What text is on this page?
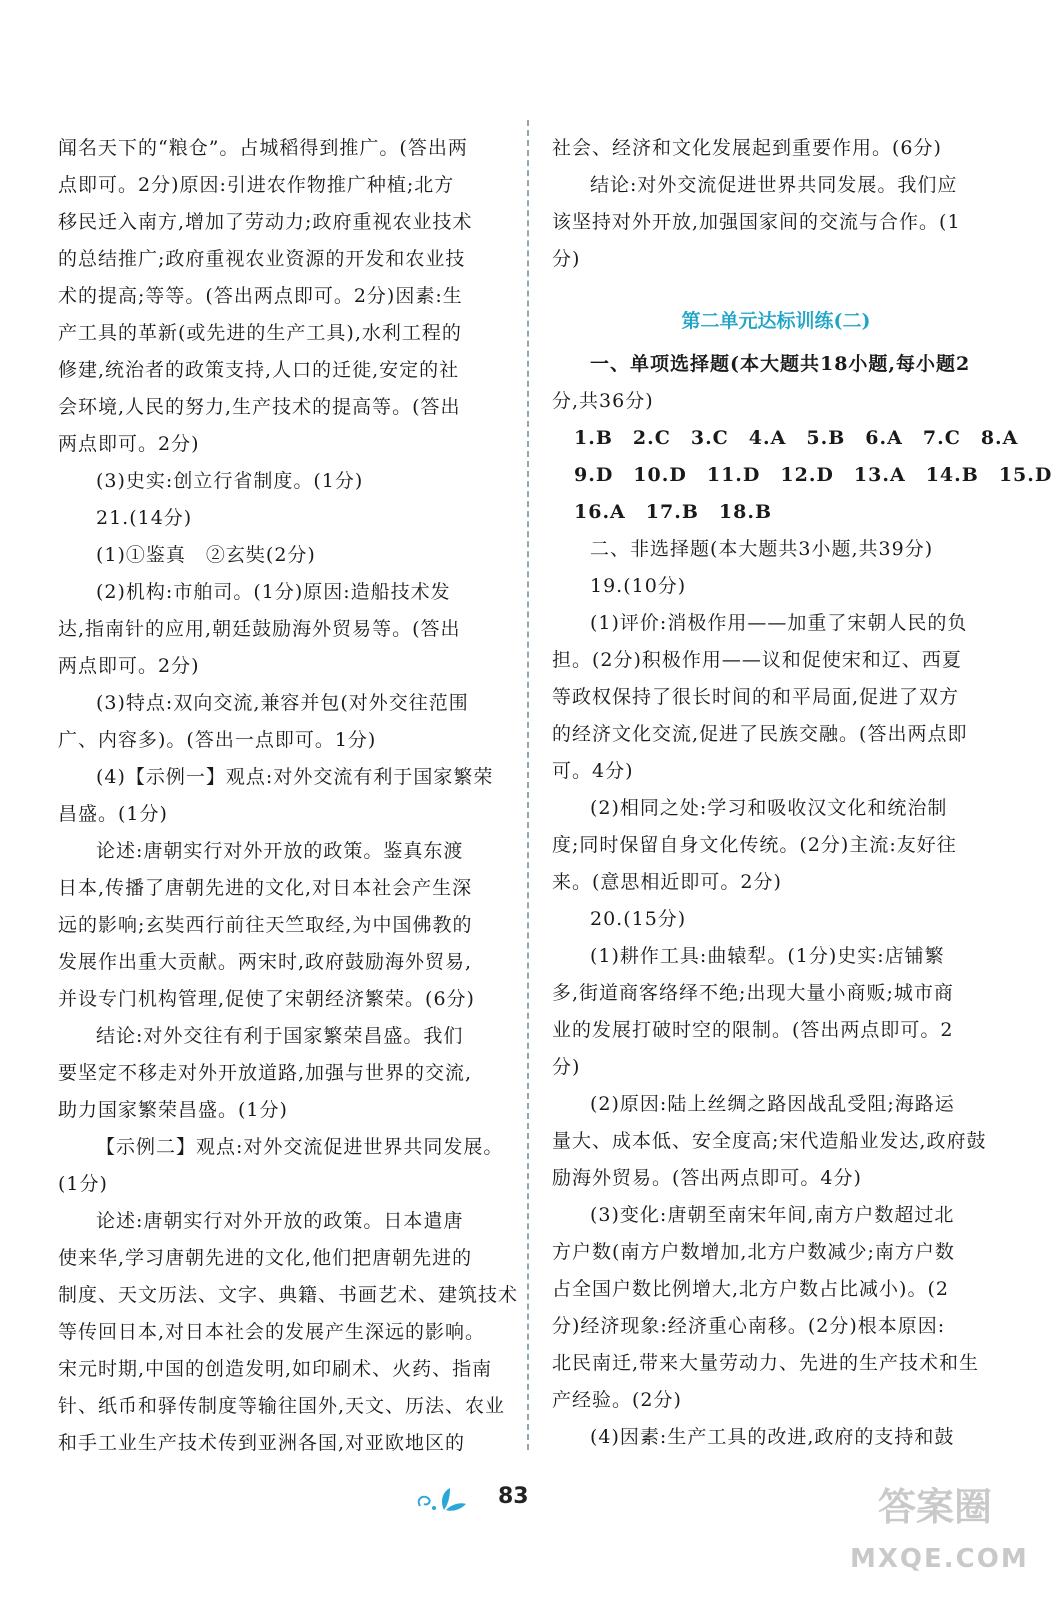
闻名天下的“粮仓”。占城稻得到推广。(答出两
点即可。2分)原因:引进农作物推广种植;北方
移民迁入南方,增加了劳动力;政府重视农业技术
的总结推广;政府重视农业资源的开发和农业技
术的提高;等等。(答出两点即可。2分)因素:生
产工具的革新(或先进的生产工具),水利工程的
修建,统治者的政策支持,人口的迁徙,安定的社
会环境,人民的努力,生产技术的提高等。(答出
两点即可。2分)
(3)史实:创立行省制度。(1分)
21.(14分)
(1)①鉴真　②玄奘(2分)
(2)机构:市舶司。(1分)原因:造船技术发
达,指南针的应用,朝廷鼓励海外贸易等。(答出
两点即可。2分)
(3)特点:双向交流,兼容并包(对外交往范围
广、内容多)。(答出一点即可。1分)
(4)【示例一】观点:对外交流有利于国家繁荣
昌盛。(1分)
论述:唐朝实行对外开放的政策。鉴真东渡
日本,传播了唐朝先进的文化,对日本社会产生深
远的影响;玄奘西行前往天竺取经,为中国佛教的
发展作出重大贡献。两宋时,政府鼓励海外贸易,
并设专门机构管理,促使了宋朝经济繁荣。(6分)
结论:对外交往有利于国家繁荣昌盛。我们
要坚定不移走对外开放道路,加强与世界的交流,
助力国家繁荣昌盛。(1分)
【示例二】观点:对外交流促进世界共同发展。
(1分)
论述:唐朝实行对外开放的政策。日本遣唐
使来华,学习唐朝先进的文化,他们把唐朝先进的
制度、天文历法、文字、典籍、书画艺术、建筑技术
等传回日本,对日本社会的发展产生深远的影响。
宋元时期,中国的创造发明,如印刷术、火药、指南
针、纸币和驿传制度等输往国外,天文、历法、农业
和手工业生产技术传到亚洲各国,对亚欧地区的
社会、经济和文化发展起到重要作用。(6分)
结论:对外交流促进世界共同发展。我们应
该坚持对外开放,加强国家间的交流与合作。(1
分)
第二单元达标训练(二)
一、单项选择题(本大题共18小题,每小题2
分,共36分)
1.B　2.C　3.C　4.A　5.B　6.A　7.C　8.A
9.D　10.D　11.D　12.D　13.A　14.B　15.D
16.A　17.B　18.B
二、非选择题(本大题共3小题,共39分)
19.(10分)
(1)评价:消极作用——加重了宋朝人民的负
担。(2分)积极作用——议和促使宋和辽、西夏
等政权保持了很长时间的和平局面,促进了双方
的经济文化交流,促进了民族交融。(答出两点即
可。4分)
(2)相同之处:学习和吸收汉文化和统治制
度;同时保留自身文化传统。(2分)主流:友好往
来。(意思相近即可。2分)
20.(15分)
(1)耕作工具:曲辕犁。(1分)史实:店铺繁
多,街道商客络绎不绝;出现大量小商贩;城市商
业的发展打破时空的限制。(答出两点即可。2
分)
(2)原因:陆上丝绸之路因战乱受阻;海路运
量大、成本低、安全度高;宋代造船业发达,政府鼓
励海外贸易。(答出两点即可。4分)
(3)变化:唐朝至南宋年间,南方户数超过北
方户数(南方户数增加,北方户数减少;南方户数
占全国户数比例增大,北方户数占比减小)。(2
分)经济现象:经济重心南移。(2分)根本原因:
北民南迁,带来大量劳动力、先进的生产技术和生
产经验。(2分)
(4)因素:生产工具的改进,政府的支持和鼓
83	答案圈
MXQE.COM
